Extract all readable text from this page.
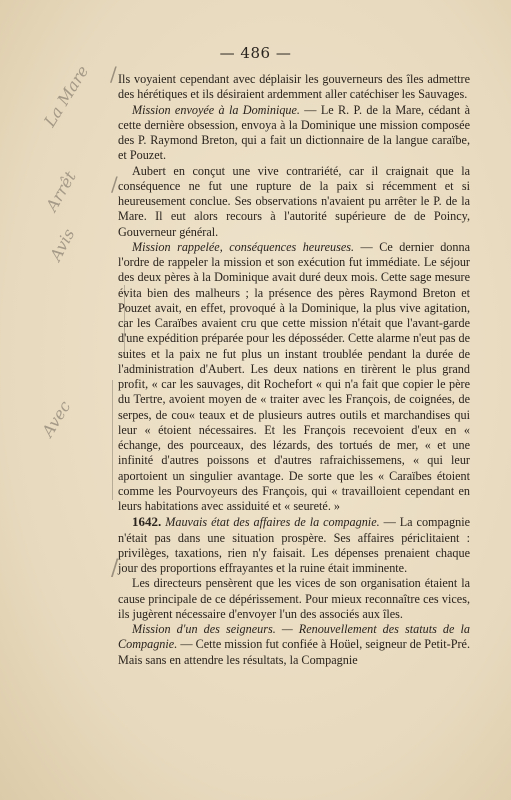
— 486 —
La Mare
Arrêt
Avis
Avec
/
/
/

Ils voyaient cependant avec déplaisir les gouverneurs des îles admettre des hérétiques et ils désiraient ardemment aller catéchiser les Sauvages.

Mission envoyée à la Dominique. — Le R. P. de la Mare, cédant à cette dernière obsession, envoya à la Dominique une mission composée des P. Raymond Breton, qui a fait un dictionnaire de la langue caraïbe, et Pouzet.

Aubert en conçut une vive contrariété, car il craignait que la conséquence ne fut une rupture de la paix si récemment et si heureusement conclue. Ses observations n'avaient pu arrêter le P. de la Mare. Il eut alors recours à l'autorité supérieure de de Poincy, Gouverneur général.

Mission rappelée, conséquences heureuses. — Ce dernier donna l'ordre de rappeler la mission et son exécution fut immédiate. Le séjour des deux pères à la Dominique avait duré deux mois. Cette sage mesure évita bien des malheurs ; la présence des pères Raymond Breton et Pouzet avait, en effet, provoqué à la Dominique, la plus vive agitation, car les Caraïbes avaient cru que cette mission n'était que l'avant-garde d'une expédition préparée pour les déposséder. Cette alarme n'eut pas de suites et la paix ne fut plus un instant troublée pendant la durée de l'administration d'Aubert. Les deux nations en tirèrent le plus grand profit, « car les sauvages, dit Rochefort « qui n'a fait que copier le père du Tertre, avoient moyen de « traiter avec les François, de coignées, de serpes, de cou« teaux et de plusieurs autres outils et marchandises qui leur « étoient nécessaires. Et les François recevoient d'eux en « échange, des pourceaux, des lézards, des tortués de mer, « et une infinité d'autres poissons et d'autres rafraichissemens, « qui leur aportoient un singulier avantage. De sorte que les « Caraïbes étoient comme les Pourvoyeurs des François, qui « travailloient cependant en leurs habitations avec assiduité et « seureté. »

1642. Mauvais état des affaires de la compagnie. — La compagnie n'était pas dans une situation prospère. Ses affaires périclitaient : privilèges, taxations, rien n'y faisait. Les dépenses prenaient chaque jour des proportions effrayantes et la ruine était imminente.

Les directeurs pensèrent que les vices de son organisation étaient la cause principale de ce dépérissement. Pour mieux reconnaître ces vices, ils jugèrent nécessaire d'envoyer l'un des associés aux îles.

Mission d'un des seigneurs. — Renouvellement des statuts de la Compagnie. — Cette mission fut confiée à Hoüel, seigneur de Petit-Pré. Mais sans en attendre les résultats, la Compagnie
